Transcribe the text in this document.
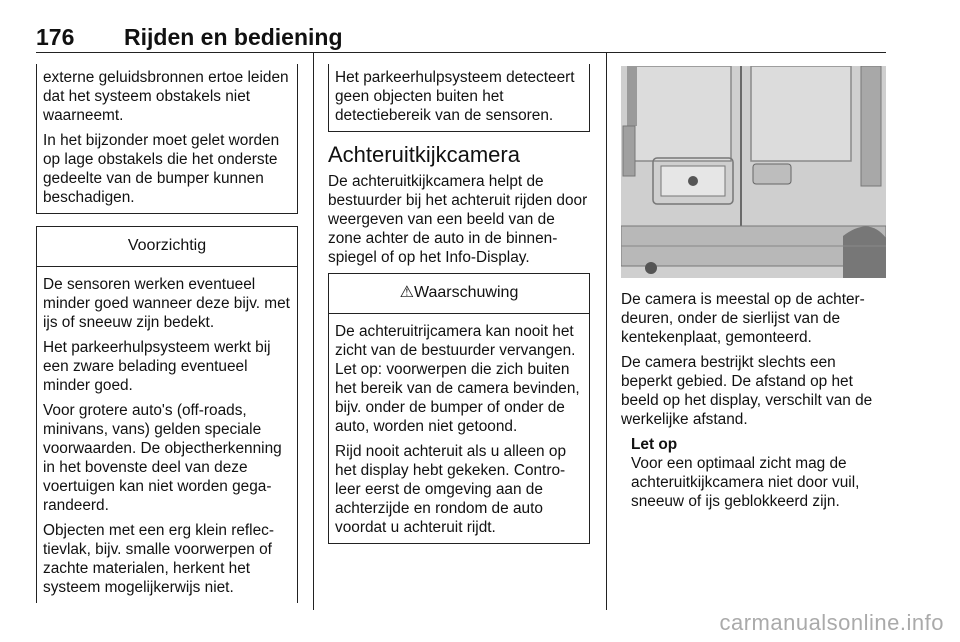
176 Rijden en bediening

externe geluidsbronnen ertoe leiden dat het systeem obstakels niet waarneemt.

In het bijzonder moet gelet worden op lage obstakels die het onderste gedeelte van de bumper kunnen beschadigen.

Voorzichtig

De sensoren werken eventueel minder goed wanneer deze bijv. met ijs of sneeuw zijn bedekt.

Het parkeerhulpsysteem werkt bij een zware belading eventueel minder goed.

Voor grotere auto's (off-roads, minivans, vans) gelden speciale voorwaarden. De objectherkenning in het bovenste deel van deze voertuigen kan niet worden gegarandeerd.

Objecten met een erg klein reflectievlak, bijv. smalle voorwerpen of zachte materialen, herkent het systeem mogelijkerwijs niet.

Het parkeerhulpsysteem detecteert geen objecten buiten het detectiebereik van de sensoren.

Achteruitkijkcamera

De achteruitkijkcamera helpt de bestuurder bij het achteruit rijden door weergeven van een beeld van de zone achter de auto in de binnenspiegel of op het Info-Display.

⚠Waarschuwing

De achteruitrijcamera kan nooit het zicht van de bestuurder vervangen. Let op: voorwerpen die zich buiten het bereik van de camera bevinden, bijv. onder de bumper of onder de auto, worden niet getoond.

Rijd nooit achteruit als u alleen op het display hebt gekeken. Controleer eerst de omgeving aan de achterzijde en rondom de auto voordat u achteruit rijdt.

De camera is meestal op de achterdeuren, onder de sierlijst van de kentekenplaat, gemonteerd.

De camera bestrijkt slechts een beperkt gebied. De afstand op het beeld op het display, verschilt van de werkelijke afstand.

Let op

Voor een optimaal zicht mag de achteruitkijkcamera niet door vuil, sneeuw of ijs geblokkeerd zijn.

carmanualsonline.info
